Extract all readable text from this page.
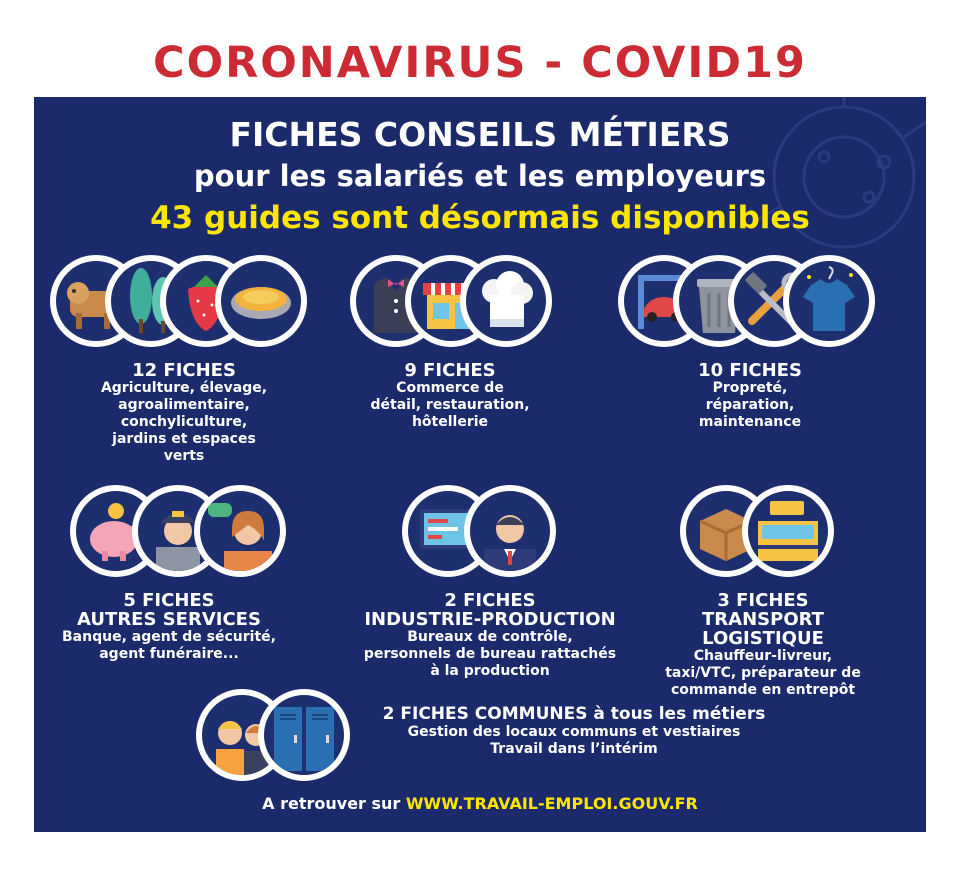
CORONAVIRUS - COVID19
FICHES CONSEILS MÉTIERS
pour les salariés et les employeurs
43 guides sont désormais disponibles
12 FICHES
Agriculture, élevage,
agroalimentaire,
conchyliculture,
jardins et espaces
verts
9 FICHES
Commerce de
détail, restauration,
hôtellerie
10 FICHES
Propreté,
réparation,
maintenance
5 FICHES
AUTRES SERVICES
Banque, agent de sécurité,
agent funéraire...
2 FICHES
INDUSTRIE-PRODUCTION
Bureaux de contrôle,
personnels de bureau rattachés
à la production
3 FICHES
TRANSPORT
LOGISTIQUE
Chauffeur-livreur,
taxi/VTC, préparateur de
commande en entrepôt
2 FICHES COMMUNES à tous les métiers
Gestion des locaux communs et vestiaires
Travail dans l’intérim
A retrouver sur WWW.TRAVAIL-EMPLOI.GOUV.FR
